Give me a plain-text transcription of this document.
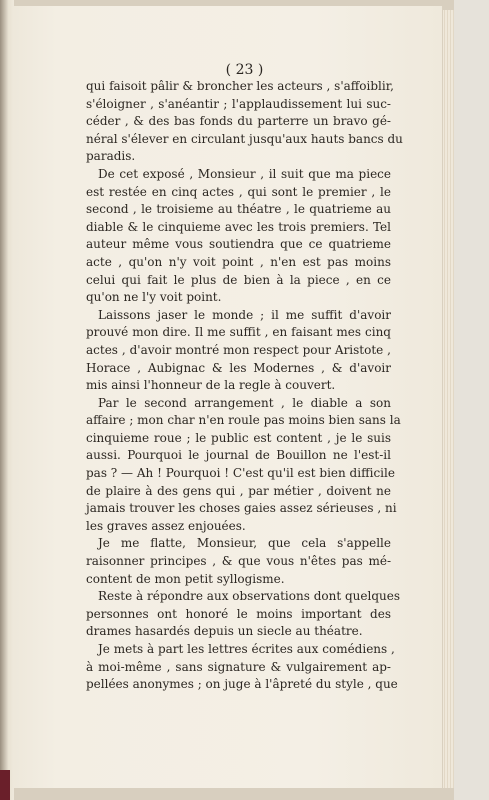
( 23 )

qui faisoit pâlir & broncher les acteurs , s'affoiblir,
s'éloigner , s'anéantir ; l'applaudissement lui suc-
céder , & des bas fonds du parterre un bravo gé-
néral s'élever en circulant jusqu'aux hauts bancs du
paradis.

De cet exposé , Monsieur , il suit que ma piece
est restée en cinq actes , qui sont le premier , le
second , le troisieme au théatre , le quatrieme au
diable & le cinquieme avec les trois premiers. Tel
auteur même vous soutiendra que ce quatrieme
acte , qu'on n'y voit point , n'en est pas moins
celui qui fait le plus de bien à la piece , en ce
qu'on ne l'y voit point.

Laissons jaser le monde ; il me suffit d'avoir
prouvé mon dire. Il me suffit , en faisant mes cinq
actes , d'avoir montré mon respect pour Aristote ,
Horace , Aubignac & les Modernes , & d'avoir
mis ainsi l'honneur de la regle à couvert.

Par le second arrangement , le diable a son
affaire ; mon char n'en roule pas moins bien sans la
cinquieme roue ; le public est content , je le suis
aussi. Pourquoi le journal de Bouillon ne l'est-il
pas ? — Ah ! Pourquoi ! C'est qu'il est bien difficile
de plaire à des gens qui , par métier , doivent ne
jamais trouver les choses gaies assez sérieuses , ni
les graves assez enjouées.

Je me flatte, Monsieur, que cela s'appelle
raisonner principes , & que vous n'êtes pas mé-
content de mon petit syllogisme.

Reste à répondre aux observations dont quelques
personnes ont honoré le moins important des
drames hasardés depuis un siecle au théatre.

Je mets à part les lettres écrites aux comédiens ,
à moi-même , sans signature & vulgairement ap-
pellées anonymes ; on juge à l'âpreté du style , que
